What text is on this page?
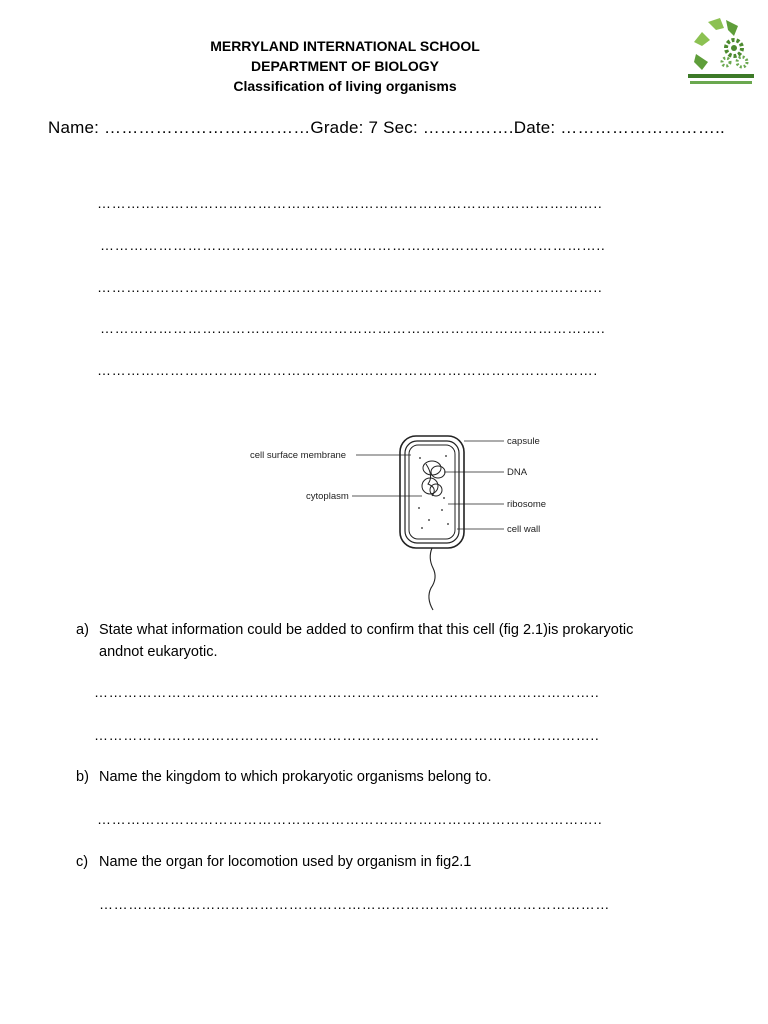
MERRYLAND INTERNATIONAL SCHOOL
DEPARTMENT OF BIOLOGY
Classification of living organisms
Name: ………………………………Grade: 7 Sec: …………….Date: ………………………..
…………………………………………………………………………………………..
…………………………………………………………………………………………..
…………………………………………………………………………………………..
…………………………………………………………………………………………..
………………………………………………………………………………………….
capsule
cell surface membrane
DNA
cytoplasm
ribosome
cell wall
a) State what information could be added to confirm that this cell (fig 2.1)is prokaryotic
andnot eukaryotic.
…………………………………………………………………………………………..
…………………………………………………………………………………………..
b) Name the kingdom to which prokaryotic organisms belong to.
…………………………………………………………………………………………..
c) Name the organ for locomotion used by organism in fig2.1
……………………………………………………………………………………………
